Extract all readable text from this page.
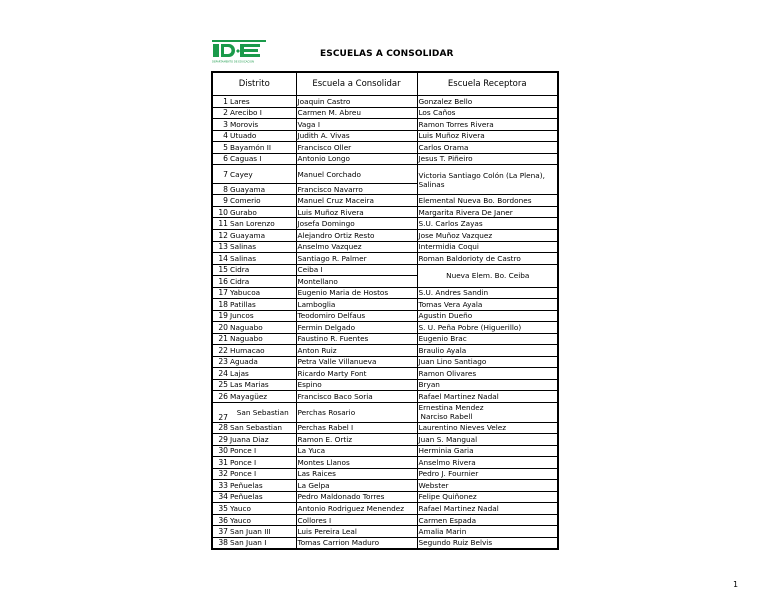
DEPARTAMENTO DE EDUCACION
ESCUELAS A CONSOLIDAR
Distrito		Escuela a Consolidar	Escuela Receptora
1	Lares	Joaquin Castro	Gonzalez Bello
2	Arecibo I	Carmen M. Abreu	Los Caños
3	Morovis	Vaga I	Ramon Torres Rivera
4	Utuado	Judith A. Vivas	Luis Muñoz Rivera
5	Bayamón II	Francisco Oller	Carlos Orama
6	Caguas I	Antonio Longo	Jesus T. Piñeiro
7	Cayey	Manuel Corchado	Victoria Santiago Colón (La Plena), Salinas
8	Guayama	Francisco Navarro	
9	Comerio	Manuel Cruz Maceira	Elemental Nueva Bo. Bordones
10	Gurabo	Luis Muñoz Rivera	Margarita Rivera De Janer
11	San Lorenzo	Josefa Domingo	S.U. Carlos Zayas
12	Guayama	Alejandro Ortiz Resto	Jose Muñoz Vazquez
13	Salinas	Anselmo Vazquez	Intermidia Coqui
14	Salinas	Santiago R. Palmer	Roman Baldorioty de Castro
15	Cidra	Ceiba I	Nueva Elem. Bo. Ceiba
16	Cidra	Montellano	
17	Yabucoa	Eugenio Maria de Hostos	S.U. Andres Sandin
18	Patillas	Lamboglia	Tomas Vera Ayala
19	Juncos	Teodomiro Delfaus	Agustin Dueño
20	Naguabo	Fermin Delgado	S. U. Peña Pobre (Higuerillo)
21	Naguabo	Faustino R. Fuentes	Eugenio Brac
22	Humacao	Anton Ruiz	Braulio Ayala
23	Aguada	Petra Valle Villanueva	Juan Lino Santiago
24	Lajas	Ricardo Marty Font	Ramon Olivares
25	Las Marias	Espino	Bryan
26	Mayagüez	Francisco Baco Soria	Rafael Martinez Nadal
27	San Sebastian	Perchas Rosario	Ernestina Mendez
Narciso Rabell

28	San Sebastian	Perchas Rabel I	Laurentino Nieves Velez
29	Juana Diaz	Ramon E. Ortiz	Juan S. Mangual
30	Ponce I	La Yuca	Herminia Garia
31	Ponce I	Montes Llanos	Anselmo Rivera
32	Ponce I	Las Raices	Pedro J. Fournier
33	Peñuelas	La Gelpa	Webster
34	Peñuelas	Pedro Maldonado Torres	Felipe Quiñonez
35	Yauco	Antonio Rodriguez Menendez	Rafael Martinez Nadal
36	Yauco	Collores I	Carmen Espada
37	San Juan III	Luis Pereira Leal	Amalia Marin
38	San Juan I	Tomas Carrion Maduro	Segundo Ruiz Belvis
1
